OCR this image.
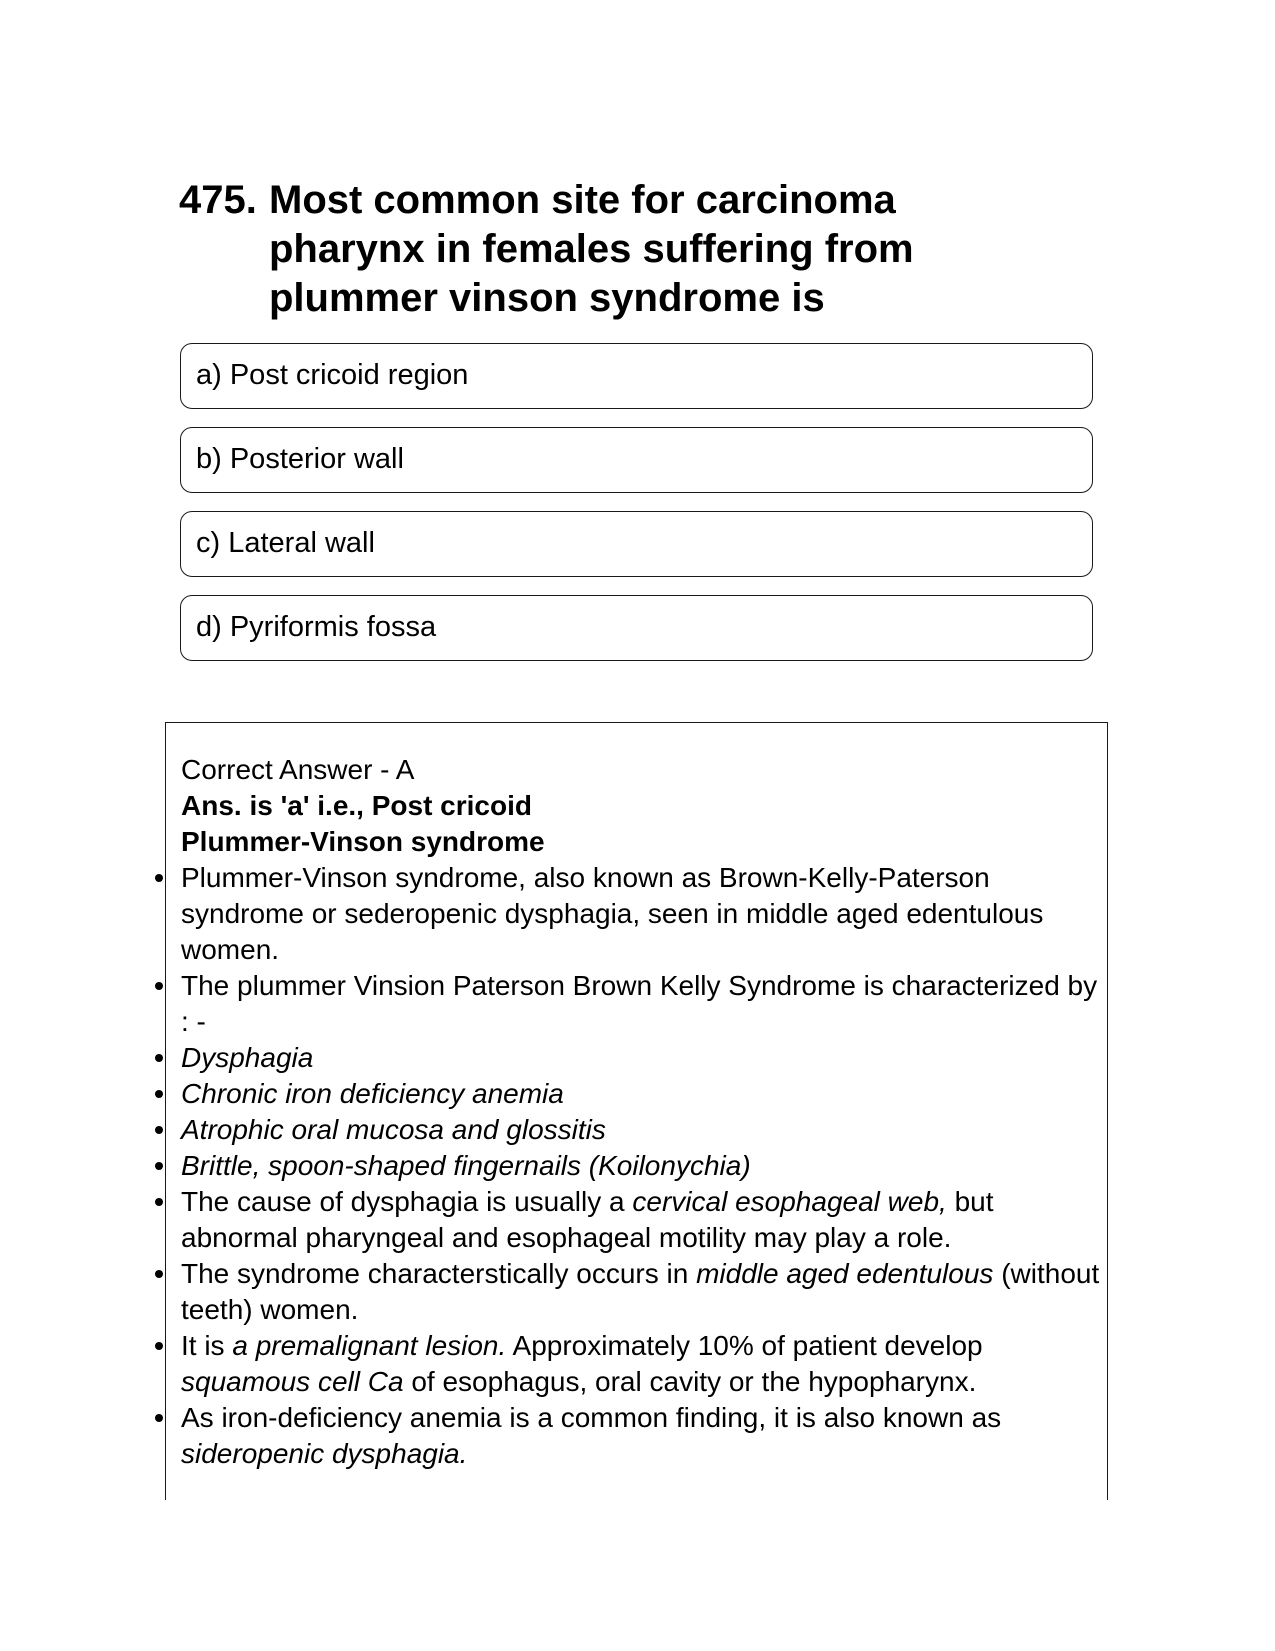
475. Most common site for carcinoma pharynx in females suffering from plummer vinson syndrome is
a) Post cricoid region
b) Posterior wall
c) Lateral wall
d) Pyriformis fossa

Correct Answer - A

Ans. is 'a' i.e., Post cricoid

Plummer-Vinson syndrome

Plummer-Vinson syndrome, also known as Brown-Kelly-Paterson syndrome or sederopenic dysphagia, seen in middle aged edentulous women.
The plummer Vinsion Paterson Brown Kelly Syndrome is characterized by : -
Dysphagia
Chronic iron deficiency anemia
Atrophic oral mucosa and glossitis
Brittle, spoon-shaped fingernails (Koilonychia)
The cause of dysphagia is usually a cervical esophageal web, but abnormal pharyngeal and esophageal motility may play a role.
The syndrome characterstically occurs in middle aged edentulous (without teeth) women.
It is a premalignant lesion. Approximately 10% of patient develop squamous cell Ca of esophagus, oral cavity or the hypopharynx.
As iron-deficiency anemia is a common finding, it is also known as sideropenic dysphagia.
